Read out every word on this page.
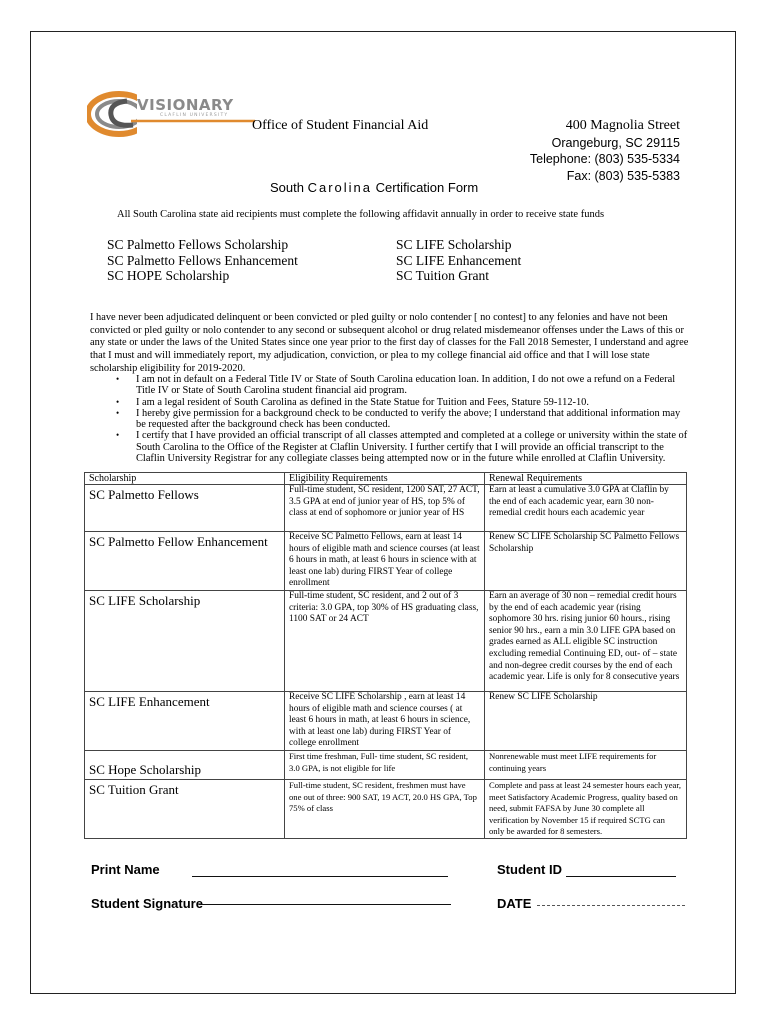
VISIONARY
CLAFLIN UNIVERSITY
Office of Student Financial Aid	400 Magnolia Street
Orangeburg, SC 29115
Telephone: (803) 535-5334
Fax: (803) 535-5383
South Carolina Certification Form
All South Carolina state aid recipients must complete the following affidavit annually in order to receive state funds
SC Palmetto Fellows Scholarship
SC Palmetto Fellows Enhancement
SC HOPE Scholarship
SC LIFE Scholarship
SC LIFE Enhancement
SC Tuition Grant

I have never been adjudicated delinquent or been convicted or pled guilty or nolo contender [ no contest] to any felonies and have not been convicted or pled guilty or nolo contender to any second or subsequent alcohol or drug related misdemeanor offenses under the Laws of this or any state or under the laws of the United States since one year prior to the first day of classes for the Fall 2018 Semester, I understand and agree that I must and will immediately report, my adjudication, conviction, or plea to my college financial aid office and that I will lose state scholarship eligibility for 2019-2020.

• I am not in default on a Federal Title IV or State of South Carolina education loan. In addition, I do not owe a refund on a Federal Title IV or State of South Carolina student financial aid program.
• I am a legal resident of South Carolina as defined in the State Statue for Tuition and Fees, Stature 59-112-10.
• I hereby give permission for a background check to be conducted to verify the above; I understand that additional information may be requested after the background check has been conducted.
• I certify that I have provided an official transcript of all classes attempted and completed at a college or university within the state of South Carolina to the Office of the Register at Claflin University. I further certify that I will provide an official transcript to the Claflin University Registrar for any collegiate classes being attempted now or in the future while enrolled at Claflin University.
Scholarship	Eligibility Requirements	Renewal Requirements
SC Palmetto Fellows	Full-time student, SC resident, 1200 SAT, 27 ACT, 3.5 GPA at end of junior year of HS, top 5% of class at end of sophomore or junior year of HS	Earn at least a cumulative 3.0 GPA at Claflin by the end of each academic year, earn 30 non-remedial credit hours each academic year
SC Palmetto Fellow Enhancement	Receive SC Palmetto Fellows, earn at least 14 hours of eligible math and science courses (at least 6 hours in math, at least 6 hours in science with at least one lab) during FIRST Year of college enrollment	Renew SC LIFE Scholarship SC Palmetto Fellows Scholarship
SC LIFE Scholarship	Full-time student, SC resident, and 2 out of 3 criteria: 3.0 GPA, top 30% of HS graduating class, 1100 SAT or 24 ACT	Earn an average of 30 non – remedial credit hours by the end of each academic year (rising sophomore 30 hrs. rising junior 60 hours., rising senior 90 hrs., earn a min 3.0 LIFE GPA based on grades earned as ALL eligible SC instruction excluding remedial Continuing ED, out- of – state and non-degree credit courses by the end of each academic year. Life is only for 8 consecutive years
SC LIFE Enhancement	Receive SC LIFE Scholarship , earn at least 14 hours of eligible math and science courses ( at least 6 hours in math, at least 6 hours in science, with at least one lab) during FIRST Year of college enrollment	Renew SC LIFE Scholarship
SC Hope Scholarship	First time freshman, Full- time student, SC resident, 3.0 GPA, is not eligible for life	Nonrenewable must meet LIFE requirements for continuing years
SC Tuition Grant	Full-time student, SC resident, freshmen must have one out of three: 900 SAT, 19 ACT, 20.0 HS GPA, Top 75% of class	Complete and pass at least 24 semester hours each year, meet Satisfactory Academic Progress, quality based on need, submit FAFSA by June 30 complete all verification by November 15 if required SCTG can only be awarded for 8 semesters.
Print Name	Student ID
Student Signature	DATE
